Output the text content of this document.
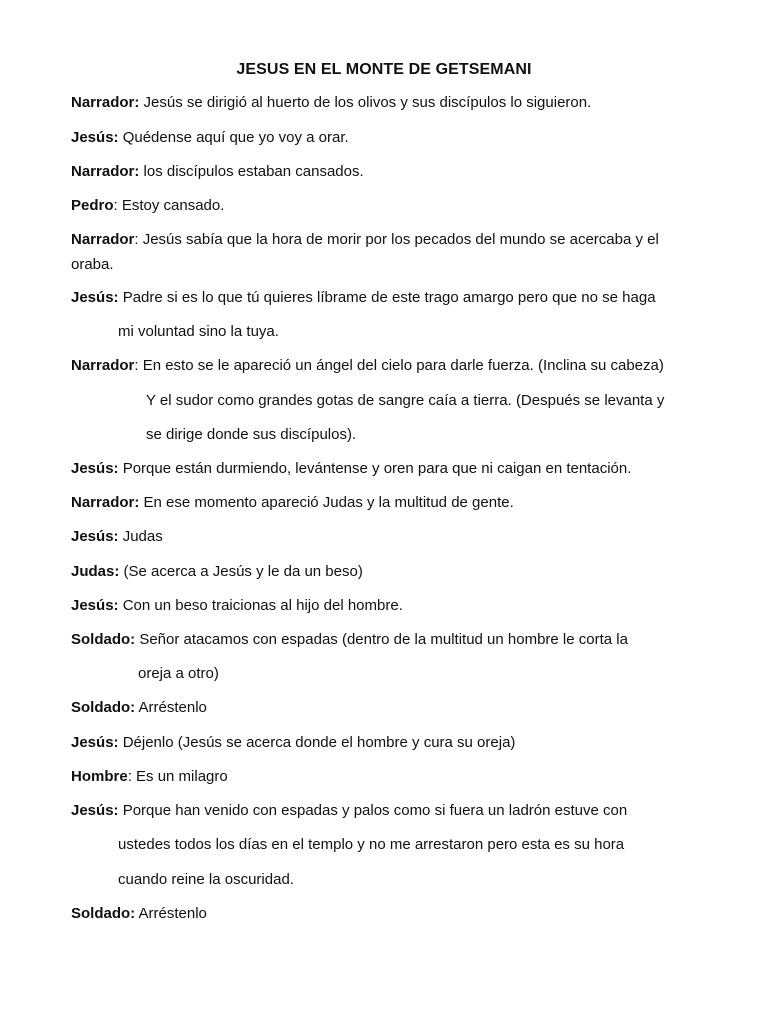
JESUS EN EL MONTE DE GETSEMANI
Narrador: Jesús se dirigió al huerto de los olivos y sus discípulos lo siguieron.
Jesús: Quédense aquí que yo voy a orar.
Narrador: los discípulos estaban cansados.
Pedro: Estoy cansado.
Narrador: Jesús sabía que la hora de morir por los pecados del mundo se acercaba y el
oraba.
Jesús: Padre si es lo que tú quieres líbrame de este trago amargo pero que no se haga
mi voluntad sino la tuya.
Narrador: En esto se le apareció un ángel del cielo para darle fuerza. (Inclina su cabeza)
Y el sudor como grandes gotas de sangre caía a tierra. (Después se levanta y
se dirige donde sus discípulos).
Jesús: Porque están durmiendo, levántense y oren para que ni caigan en tentación.
Narrador: En ese momento apareció Judas y la multitud de gente.
Jesús: Judas
Judas: (Se acerca a Jesús y le da un beso)
Jesús: Con un beso traicionas al hijo del hombre.
Soldado: Señor atacamos con espadas (dentro de la multitud un hombre le corta la
oreja a otro)
Soldado: Arréstenlo
Jesús: Déjenlo (Jesús se acerca donde el hombre y cura su oreja)
Hombre: Es un milagro
Jesús: Porque han venido con espadas y palos como si fuera un ladrón estuve con
ustedes todos los días en el templo y no me arrestaron pero esta es su hora
cuando reine la oscuridad.
Soldado: Arréstenlo
